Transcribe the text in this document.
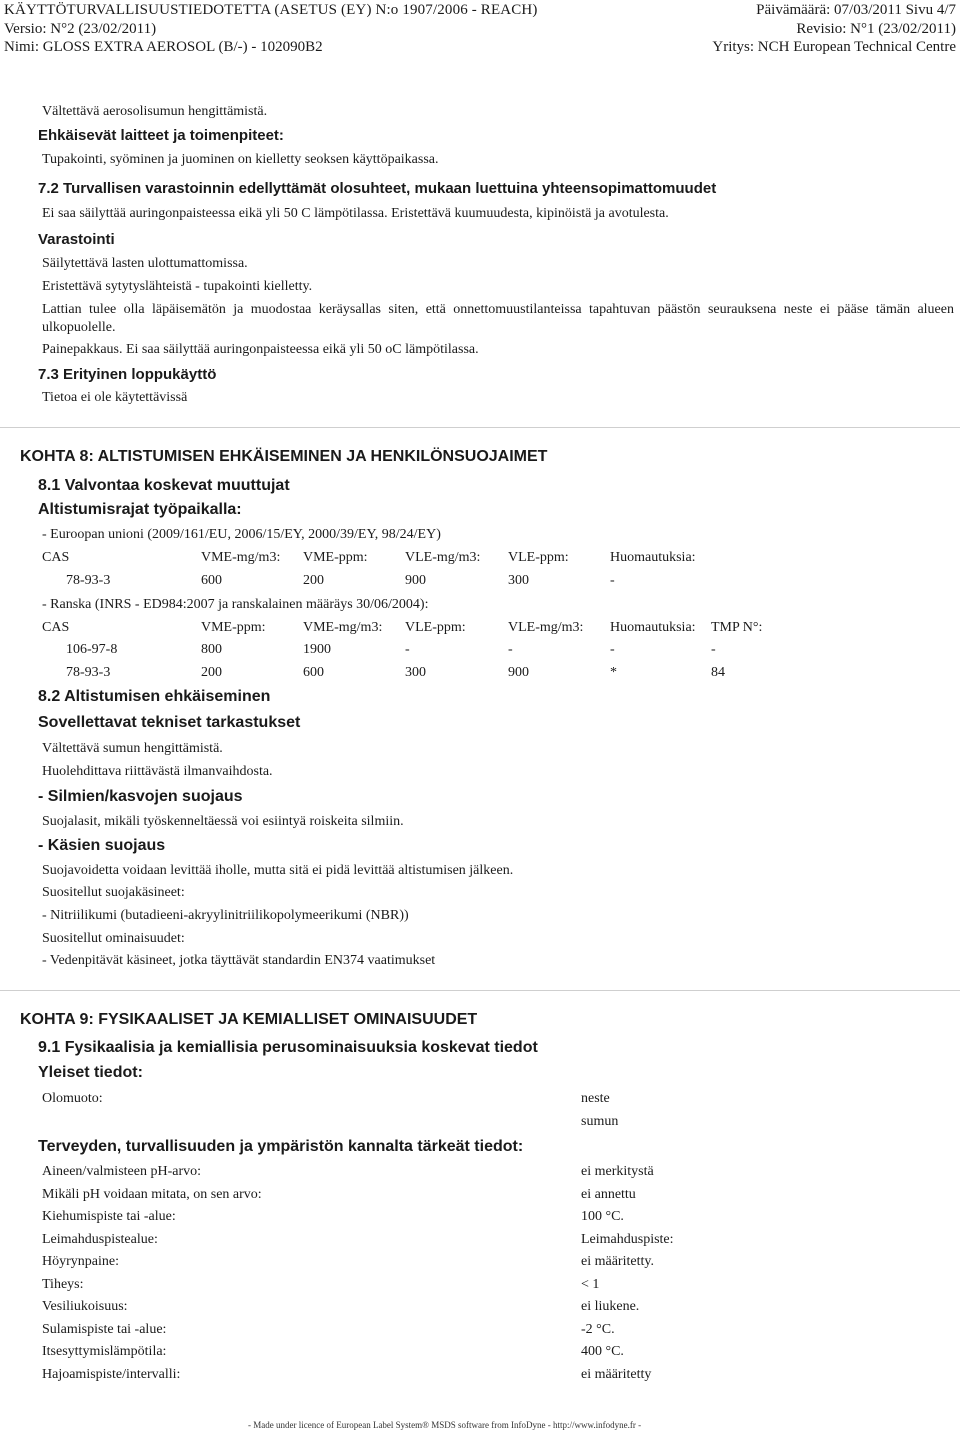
KÄYTTÖTURVALLISUUSTIEDOTETTA (ASETUS (EY) N:o 1907/2006 - REACH)	Päivämäärä: 07/03/2011 Sivu 4/7
Versio: N°2 (23/02/2011)	Revisio: N°1 (23/02/2011)
Nimi: GLOSS EXTRA AEROSOL (B/-) - 102090B2	Yritys: NCH European Technical Centre
Vältettävä aerosolisumun hengittämistä.
Ehkäisevät laitteet ja toimenpiteet:
Tupakointi, syöminen ja juominen on kielletty seoksen käyttöpaikassa.
7.2 Turvallisen varastoinnin edellyttämät olosuhteet, mukaan luettuina yhteensopimattomuudet
Ei saa säilyttää auringonpaisteessa eikä yli 50 C lämpötilassa. Eristettävä kuumuudesta, kipinöistä ja avotulesta.
Varastointi
Säilytettävä lasten ulottumattomissa.
Eristettävä sytytyslähteistä - tupakointi kielletty.
Lattian tulee olla läpäisemätön ja muodostaa keräysallas siten, että onnettomuustilanteissa tapahtuvan päästön seurauksena neste ei pääse tämän alueen ulkopuolelle.
Painepakkaus. Ei saa säilyttää auringonpaisteessa eikä yli 50 oC lämpötilassa.
7.3 Erityinen loppukäyttö
Tietoa ei ole käytettävissä
KOHTA 8: ALTISTUMISEN EHKÄISEMINEN JA HENKILÖNSUOJAIMET
8.1 Valvontaa koskevat muuttujat
Altistumisrajat työpaikalla:
- Euroopan unioni (2009/161/EU, 2006/15/EY, 2000/39/EY, 98/24/EY)
CAS	VME-mg/m3: VME-ppm:	VLE-mg/m3: VLE-ppm:	Huomautuksia:
78-93-3	600	200	900	300	-
- Ranska (INRS - ED984:2007 ja ranskalainen määräys 30/06/2004):
CAS	VME-ppm:	VME-mg/m3: VLE-ppm:	VLE-mg/m3: Huomautuksia: TMP N°:
106-97-8	800	1900	-	-	-	-
78-93-3	200	600	300	900	*	84
8.2 Altistumisen ehkäiseminen
Sovellettavat tekniset tarkastukset
Vältettävä sumun hengittämistä.
Huolehdittava riittävästä ilmanvaihdosta.
- Silmien/kasvojen suojaus
Suojalasit, mikäli työskenneltäessä voi esiintyä roiskeita silmiin.
- Käsien suojaus
Suojavoidetta voidaan levittää iholle, mutta sitä ei pidä levittää altistumisen jälkeen.
Suositellut suojakäsineet:
- Nitriilikumi (butadieeni-akryylinitriilikopolymeerikumi (NBR))
Suositellut ominaisuudet:
- Vedenpitävät käsineet, jotka täyttävät standardin EN374 vaatimukset
KOHTA 9: FYSIKAALISET JA KEMIALLISET OMINAISUUDET
9.1 Fysikaalisia ja kemiallisia perusominaisuuksia koskevat tiedot
Yleiset tiedot:
Olomuoto:	neste
sumun
Terveyden, turvallisuuden ja ympäristön kannalta tärkeät tiedot:
Aineen/valmisteen pH-arvo:	ei merkitystä
Mikäli pH voidaan mitata, on sen arvo:	ei annettu
Kiehumispiste tai -alue:	100 °C.
Leimahduspistealue:	Leimahduspiste:
Höyrynpaine:	ei määritetty.
Tiheys:	< 1
Vesiliukoisuus:	ei liukene.
Sulamispiste tai -alue:	-2 °C.
Itsesyttymislämpötila:	400 °C.
Hajoamispiste/intervalli:	ei määritetty
- Made under licence of European Label System® MSDS software from InfoDyne - http://www.infodyne.fr -
